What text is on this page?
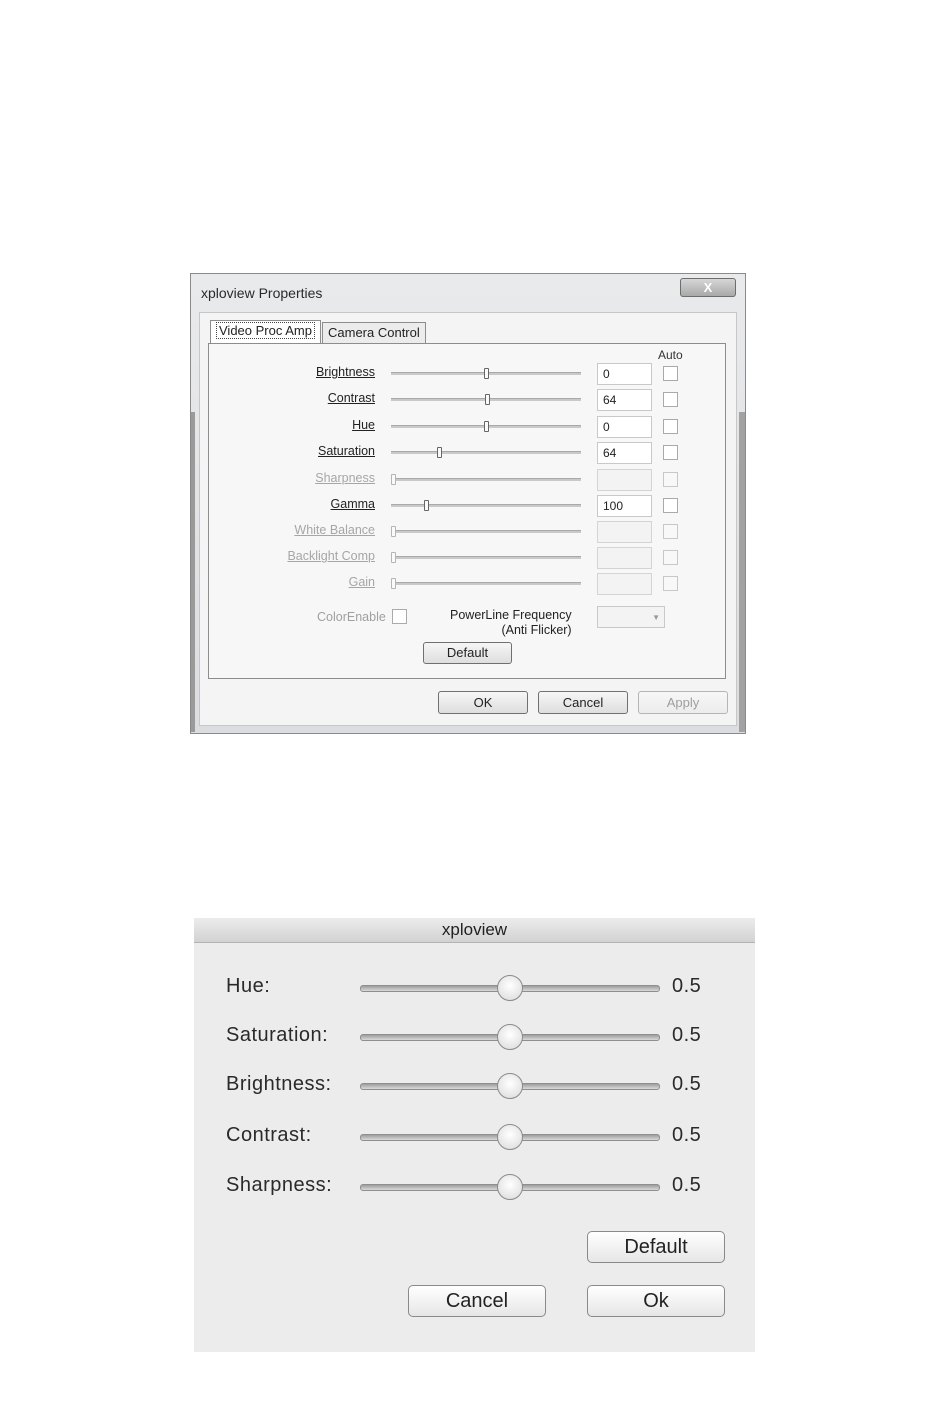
xploview Properties	X
Video Proc Amp	Camera Control
Auto
Brightness	0
Contrast	64
Hue	0
Saturation	64
Sharpness
Gamma	100
White Balance
Backlight Comp
Gain
ColorEnable	PowerLine Frequency
(Anti Flicker)
▼
Default
OK	Cancel	Apply
xploview
Hue:	0.5
Saturation:	0.5
Brightness:	0.5
Contrast:	0.5
Sharpness:	0.5
Default
Cancel	Ok
